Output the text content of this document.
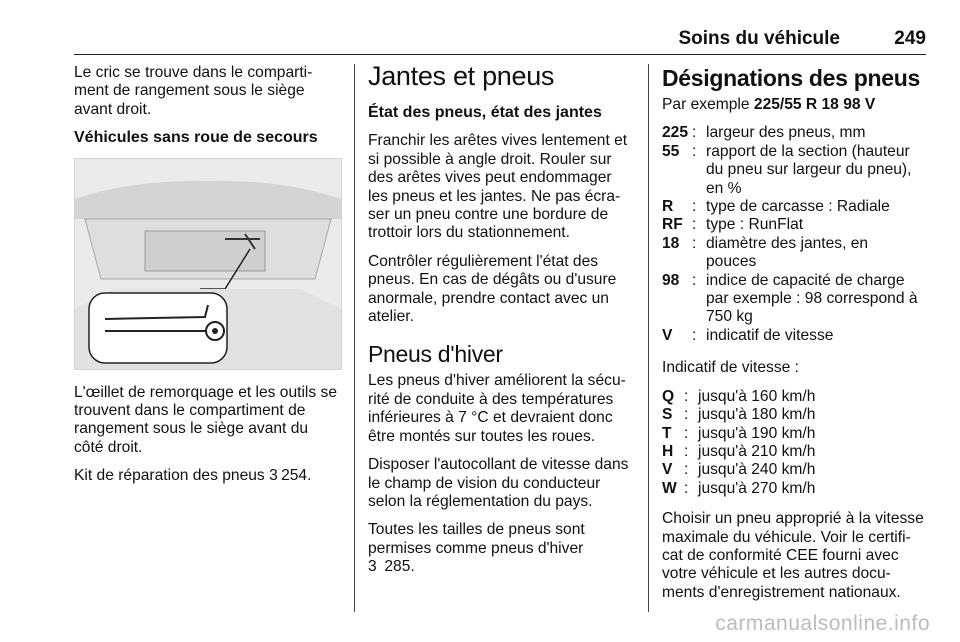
Soins du véhicule	249

Le cric se trouve dans le comparti-
ment de rangement sous le siège
avant droit.

Véhicules sans roue de secours

L'œillet de remorquage et les outils se
trouvent dans le compartiment de
rangement sous le siège avant du
côté droit.

Kit de réparation des pneus 3 254.

Jantes et pneus

État des pneus, état des jantes

Franchir les arêtes vives lentement et
si possible à angle droit. Rouler sur
des arêtes vives peut endommager
les pneus et les jantes. Ne pas écra-
ser un pneu contre une bordure de
trottoir lors du stationnement.

Contrôler régulièrement l'état des
pneus. En cas de dégâts ou d'usure
anormale, prendre contact avec un
atelier.

Pneus d'hiver

Les pneus d'hiver améliorent la sécu-
rité de conduite à des températures
inférieures à 7 °C et devraient donc
être montés sur toutes les roues.

Disposer l'autocollant de vitesse dans
le champ de vision du conducteur
selon la réglementation du pays.

Toutes les tailles de pneus sont
permises comme pneus d'hiver
3 285.

Désignations des pneus

Par exemple 225/55 R 18 98 V

225 : largeur des pneus, mm
55 : rapport de la section (hauteur
du pneu sur largeur du pneu),
en %
R	: type de carcasse : Radiale
RF : type : RunFlat
18 : diamètre des jantes, en
pouces
98 : indice de capacité de charge
par exemple : 98 correspond à
750 kg
V	: indicatif de vitesse

Indicatif de vitesse :

Q : jusqu'à 160 km/h
S : jusqu'à 180 km/h
T : jusqu'à 190 km/h
H : jusqu'à 210 km/h
V : jusqu'à 240 km/h
W : jusqu'à 270 km/h

Choisir un pneu approprié à la vitesse
maximale du véhicule. Voir le certifi-
cat de conformité CEE fourni avec
votre véhicule et les autres docu-
ments d'enregistrement nationaux.

carmanualsonline.info
